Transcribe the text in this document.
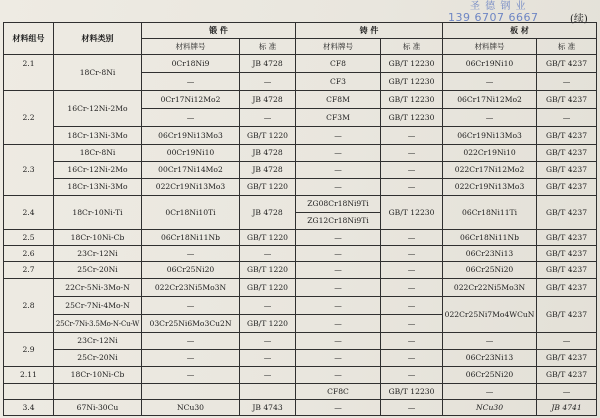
圣 德 钢 业
139 6707 6667	(续)
材料组号	材料类别	锻 件		铸 件		板 材	
		材料牌号	标 准	材料牌号	标 准	材料牌号	标 准
2.1	18Cr-8Ni	0Cr18Ni9	JB 4728	CF8	GB/T 12230	06Cr19Ni10	GB/T 4237
		—	—	CF3	GB/T 12230	—	—
2.2	16Cr-12Ni-2Mo	0Cr17Ni12Mo2	JB 4728	CF8M	GB/T 12230	06Cr17Ni12Mo2	GB/T 4237
		—	—	CF3M	GB/T 12230	—	—
	18Cr-13Ni-3Mo	06Cr19Ni13Mo3	GB/T 1220	—	—	06Cr19Ni13Mo3	GB/T 4237
2.3	18Cr-8Ni	00Cr19Ni10	JB 4728	—	—	022Cr19Ni10	GB/T 4237
	16Cr-12Ni-2Mo	00Cr17Ni14Mo2	JB 4728	—	—	022Cr17Ni12Mo2	GB/T 4237
	18Cr-13Ni-3Mo	022Cr19Ni13Mo3	GB/T 1220	—	—	022Cr19Ni13Mo3	GB/T 4237
2.4	18Cr-10Ni-Ti	0Cr18Ni10Ti	JB 4728	ZG08Cr18Ni9Ti	GB/T 12230	06Cr18Ni11Ti	GB/T 4237
				ZG12Cr18Ni9Ti			
2.5	18Cr-10Ni-Cb	06Cr18Ni11Nb	GB/T 1220	—	—	06Cr18Ni11Nb	GB/T 4237
2.6	23Cr-12Ni	—	—	—	—	06Cr23Ni13	GB/T 4237
2.7	25Cr-20Ni	06Cr25Ni20	GB/T 1220	—	—	06Cr25Ni20	GB/T 4237
2.8	22Cr-5Ni-3Mo-N	022Cr23Ni5Mo3N	GB/T 1220	—	—	022Cr22Ni5Mo3N	GB/T 4237
	25Cr-7Ni-4Mo-N	—	—	—	—	022Cr25Ni7Mo4WCuN	GB/T 4237
	25Cr-7Ni-3.5Mo-N-Cu-W	03Cr25Ni6Mo3Cu2N	GB/T 1220	—	—		
2.9	23Cr-12Ni	—	—	—	—	—	—
	25Cr-20Ni	—	—	—	—	06Cr23Ni13	GB/T 4237
2.11	18Cr-10Ni-Cb	—	—	—	—	06Cr25Ni20	GB/T 4237
				CF8C	GB/T 12230	—	—
3.4	67Ni-30Cu	NCu30	JB 4743	—	—	NCu30	JB 4741
